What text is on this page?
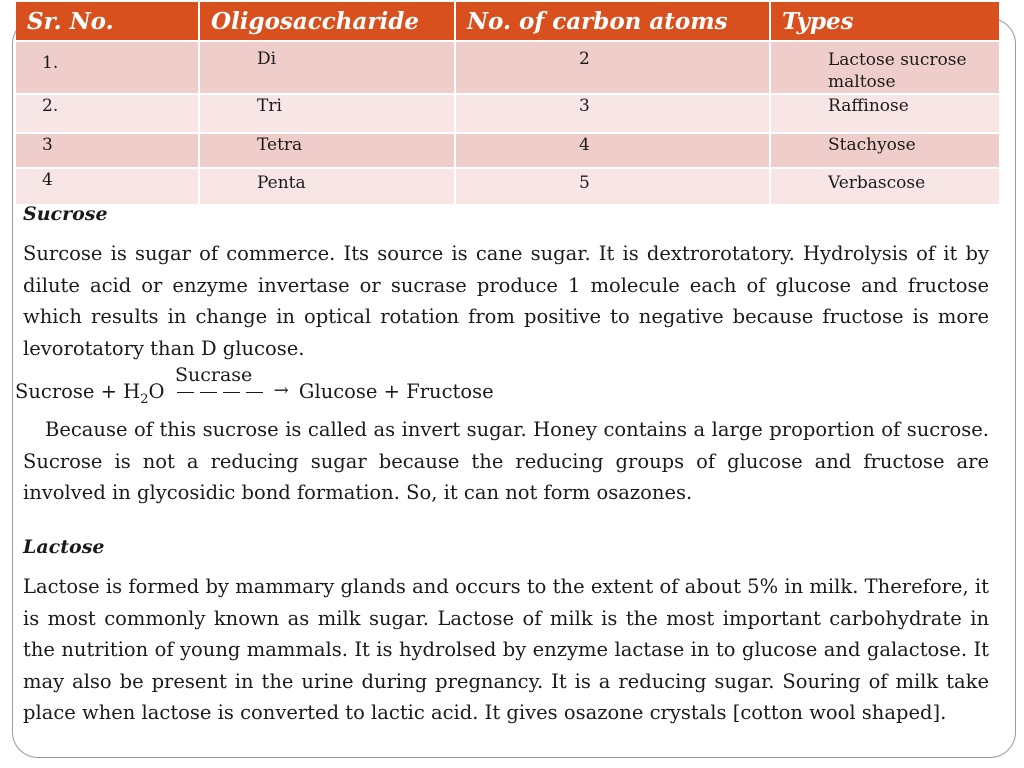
Sr. No.	Oligosaccharide	No. of carbon atoms	Types

1.	Di	2	Lactose sucrose maltose

2.	Tri	3	Raffinose

3	Tetra	4	Stachyose

4	Penta	5	Verbascose
Sucrose
Surcose is sugar of commerce. Its source is cane sugar. It is dextrorotatory. Hydrolysis of it by dilute acid or enzyme invertase or sucrase produce 1 molecule each of glucose and fructose which results in change in optical rotation from positive to negative because fructose is more levorotatory than D glucose.
Sucrase
Sucrose + $H_2O$	→ Glucose + Fructose
Because of this sucrose is called as invert sugar. Honey contains a large proportion of sucrose. Sucrose is not a reducing sugar because the reducing groups of glucose and fructose are involved in glycosidic bond formation. So, it can not form osazones.
Lactose
Lactose is formed by mammary glands and occurs to the extent of about 5% in milk. Therefore, it is most commonly known as milk sugar. Lactose of milk is the most important carbohydrate in the nutrition of young mammals. It is hydrolsed by enzyme lactase in to glucose and galactose. It may also be present in the urine during pregnancy. It is a reducing sugar. Souring of milk take place when lactose is converted to lactic acid. It gives osazone crystals [cotton wool shaped].
